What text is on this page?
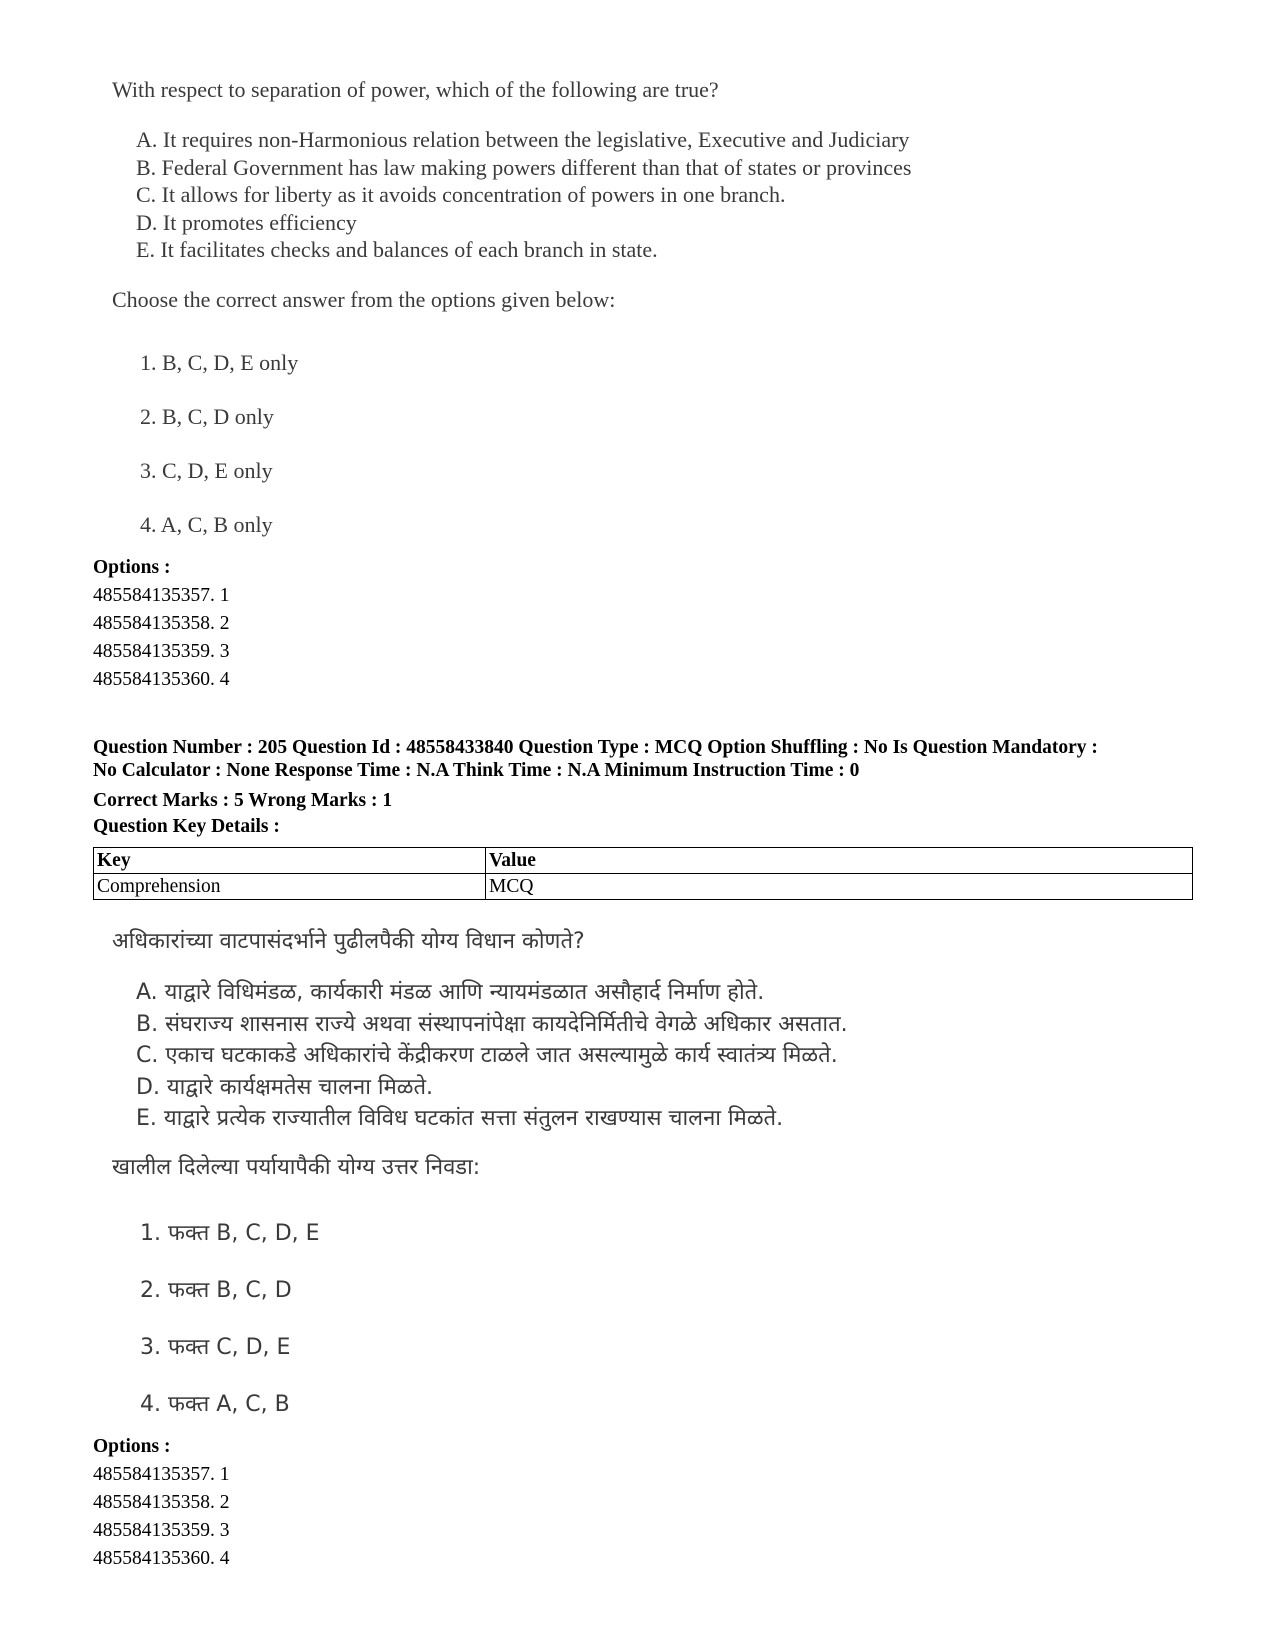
With respect to separation of power, which of the following are true?

A. It requires non-Harmonious relation between the legislative, Executive and Judiciary

B. Federal Government has law making powers different than that of states or provinces

C. It allows for liberty as it avoids concentration of powers in one branch.

D. It promotes efficiency

E. It facilitates checks and balances of each branch in state.

Choose the correct answer from the options given below:

1. B, C, D, E only

2. B, C, D only

3. C, D, E only

4. A, C, B only

Options :
485584135357. 1
485584135358. 2
485584135359. 3
485584135360. 4
Question Number : 205 Question Id : 48558433840 Question Type : MCQ Option Shuffling : No Is Question Mandatory :
No Calculator : None Response Time : N.A Think Time : N.A Minimum Instruction Time : 0
Correct Marks : 5 Wrong Marks : 1
Question Key Details :
Key	Value
Comprehension	MCQ

अधिकारांच्या वाटपासंदर्भाने पुढीलपैकी योग्य विधान कोणते?

A. याद्वारे विधिमंडळ, कार्यकारी मंडळ आणि न्यायमंडळात असौहार्द निर्माण होते.

B. संघराज्य शासनास राज्ये अथवा संस्थापनांपेक्षा कायदेनिर्मितीचे वेगळे अधिकार असतात.

C. एकाच घटकाकडे अधिकारांचे केंद्रीकरण टाळले जात असल्यामुळे कार्य स्वातंत्र्य मिळते.

D. याद्वारे कार्यक्षमतेस चालना मिळते.

E. याद्वारे प्रत्येक राज्यातील विविध घटकांत सत्ता संतुलन राखण्यास चालना मिळते.

खालील दिलेल्या पर्यायापैकी योग्य उत्तर निवडा:

1. फक्त B, C, D, E

2. फक्त B, C, D

3. फक्त C, D, E

4. फक्त A, C, B

Options :
485584135357. 1
485584135358. 2
485584135359. 3
485584135360. 4
